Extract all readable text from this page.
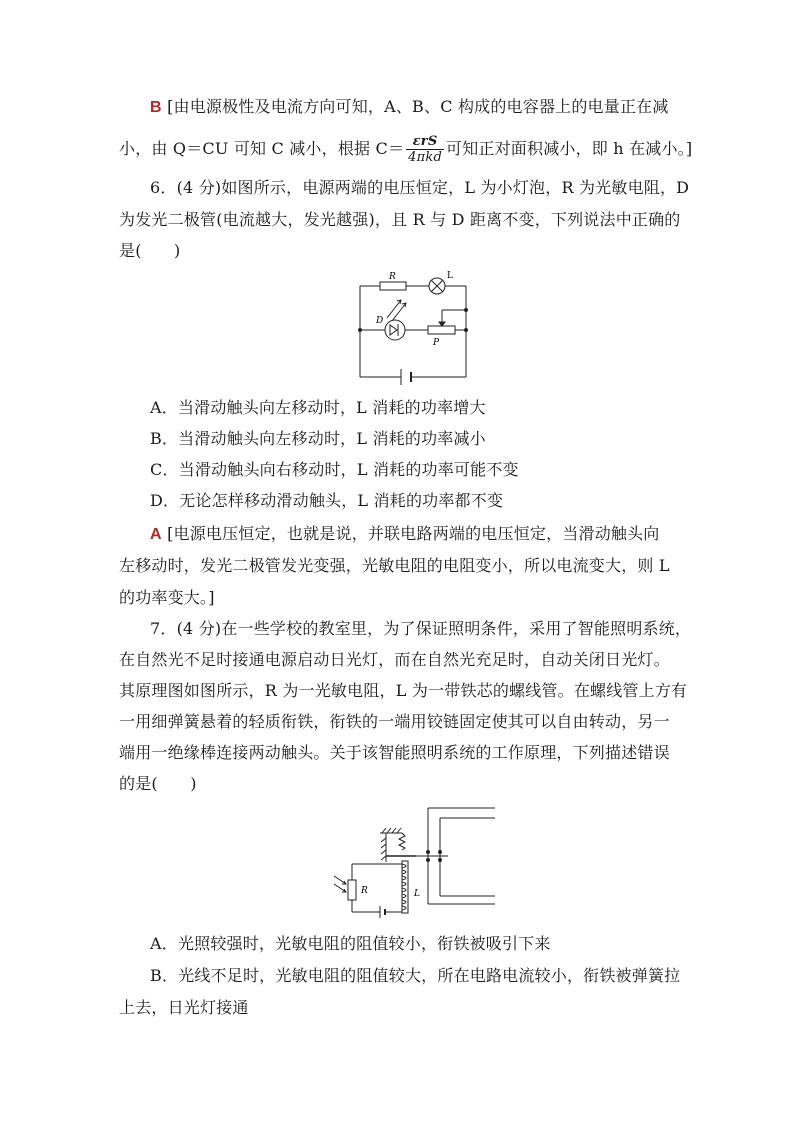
B [由电源极性及电流方向可知，A、B、C 构成的电容器上的电量正在减
小，由 Q＝CU 可知 C 减小，根据 $C= \frac{\text{εrS}}{\text{4πkd}}$ 可知正对面积减小，即 h 在减小。]
6．(4 分)如图所示，电源两端的电压恒定，L 为小灯泡，R 为光敏电阻，D
为发光二极管(电流越大，发光越强)，且 R 与 D 距离不变，下列说法中正确的
是(　　)
R	L
D
P
A．当滑动触头向左移动时，L 消耗的功率增大
B．当滑动触头向左移动时，L 消耗的功率减小
C．当滑动触头向右移动时，L 消耗的功率可能不变
D．无论怎样移动滑动触头，L 消耗的功率都不变
A [电源电压恒定，也就是说，并联电路两端的电压恒定，当滑动触头向
左移动时，发光二极管发光变强，光敏电阻的电阻变小，所以电流变大，则 L
的功率变大。]
7．(4 分)在一些学校的教室里，为了保证照明条件，采用了智能照明系统，
在自然光不足时接通电源启动日光灯，而在自然光充足时，自动关闭日光灯。
其原理图如图所示，R 为一光敏电阻，L 为一带铁芯的螺线管。在螺线管上方有
一用细弹簧悬着的轻质衔铁，衔铁的一端用铰链固定使其可以自由转动，另一
端用一绝缘棒连接两动触头。关于该智能照明系统的工作原理，下列描述错误
的是(　　)
R	L
A．光照较强时，光敏电阻的阻值较小，衔铁被吸引下来
B．光线不足时，光敏电阻的阻值较大，所在电路电流较小，衔铁被弹簧拉
上去，日光灯接通
